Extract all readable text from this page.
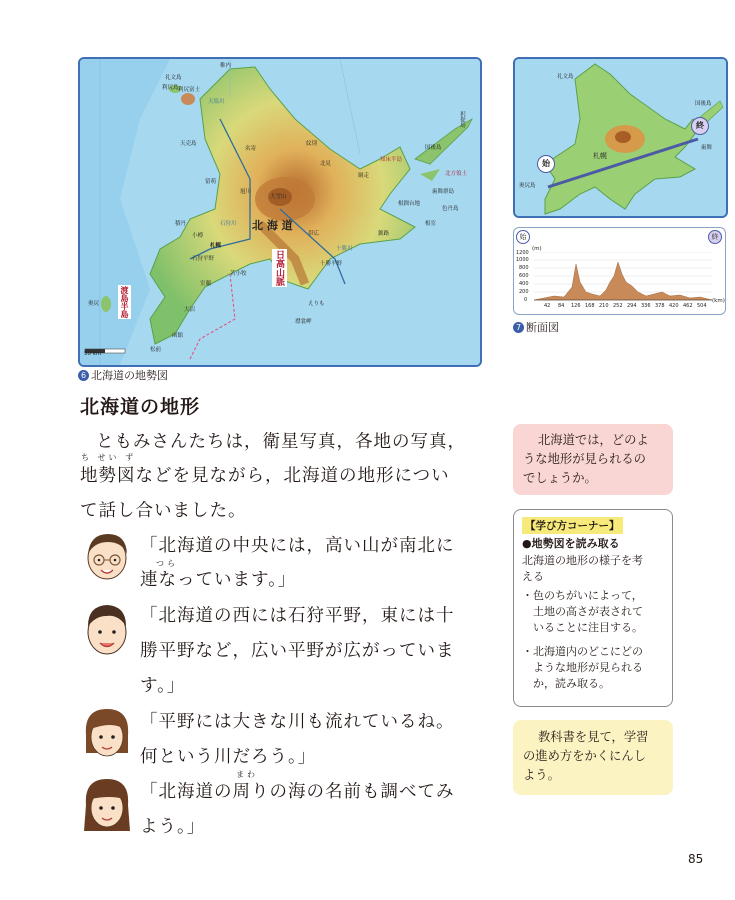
北 海 道
日高山脈
渡島半島
大雪山
50 km
稚内
礼文島
利尻島 利尻富士
天塩川
天売島
旭川
名寄
留萌
石狩川
札幌
小樽
積丹
苫小牧
室蘭
函館
松前
奥尻
北見
網走
紋別
知床半島
根室
釧路
帯広
十勝川
襟裳岬
大沼
国後島
択捉島
色丹島
歯舞群島
えりも
十勝平野
根釧台地
石狩平野
北方領土
6 北海道の地勢図
礼文島
国後島
歯舞
奥尻島
札幌
始
終
始	終
(m)
(km)
1200
1000
800
600
400
200
0
42 84 126 168 210 252 294 336 378 420 462 504
7 断面図
北海道の地形
ともみさんたちは，衛星写真，各地の写真，
ち せい ず
地勢図などを見ながら，北海道の地形につい
て話し合いました。
「北海道の中央には，高い山が南北に
つら
連なっています。」
「北海道の西には石狩平野，東には十
勝平野など，広い平野が広がっていま
す。」
「平野には大きな川も流れているね。
何という川だろう。」
「北海道の周りの海の名前も調べてみ
まわ
よう。」
北海道では，どのよ
うな地形が見られるの
でしょうか。
【学び方コーナー】
●地勢図を読み取る
北海道の地形の様子を考
える
・色のちがいによって，
　土地の高さが表されて
　いることに注目する。
・北海道内のどこにどの
　ような地形が見られる
　か，読み取る。
教科書を見て，学習
の進め方をかくにんし
よう。
85
